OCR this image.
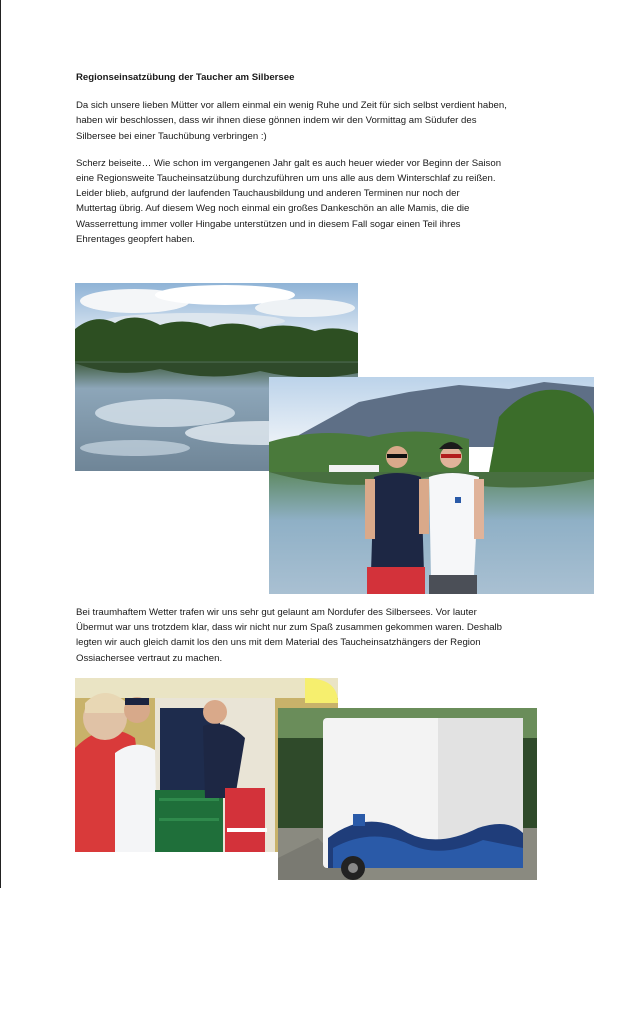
Regionseinsatzübung der Taucher am Silbersee

Da sich unsere lieben Mütter vor allem einmal ein wenig Ruhe und Zeit für sich selbst verdient haben,
haben wir beschlossen, dass wir ihnen diese gönnen indem wir den Vormittag am Südufer des
Silbersee bei einer Tauchübung verbringen :)

Scherz beiseite… Wie schon im vergangenen Jahr galt es auch heuer wieder vor Beginn der Saison
eine Regionsweite Taucheinsatzübung durchzuführen um uns alle aus dem Winterschlaf zu reißen.
Leider blieb, aufgrund der laufenden Tauchausbildung und anderen Terminen nur noch der
Muttertag übrig. Auf diesem Weg noch einmal ein großes Dankeschön an alle Mamis, die die
Wasserrettung immer voller Hingabe unterstützen und in diesem Fall sogar einen Teil ihres
Ehrentages geopfert haben.

Bei traumhaftem Wetter trafen wir uns sehr gut gelaunt am Nordufer des Silbersees. Vor lauter
Übermut war uns trotzdem klar, dass wir nicht nur zum Spaß zusammen gekommen waren. Deshalb
legten wir auch gleich damit los den uns mit dem Material des Taucheinsatzhängers der Region
Ossiachersee vertraut zu machen.
